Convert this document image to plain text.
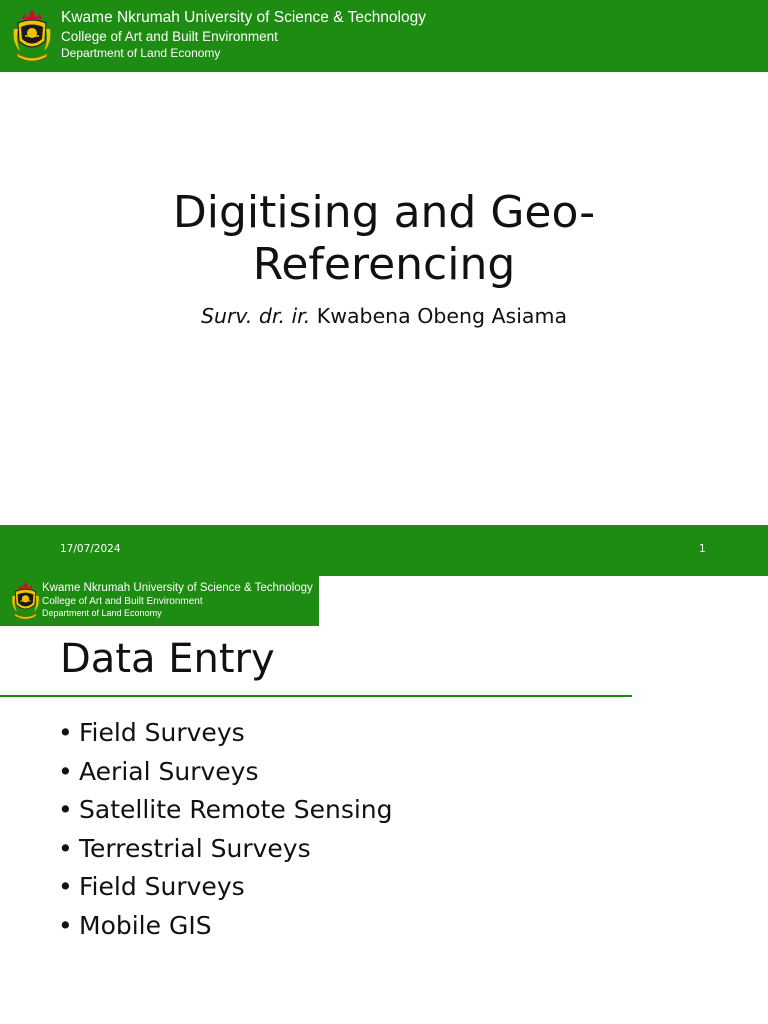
Kwame Nkrumah University of Science & Technology
College of Art and Built Environment
Department of Land Economy
Digitising and Geo-
Referencing
Surv. dr. ir. Kwabena Obeng Asiama
17/07/2024	1
Kwame Nkrumah University of Science & Technology
College of Art and Built Environment
Department of Land Economy
Data Entry
• Field Surveys
• Aerial Surveys
• Satellite Remote Sensing
• Terrestrial Surveys
• Field Surveys
• Mobile GIS
